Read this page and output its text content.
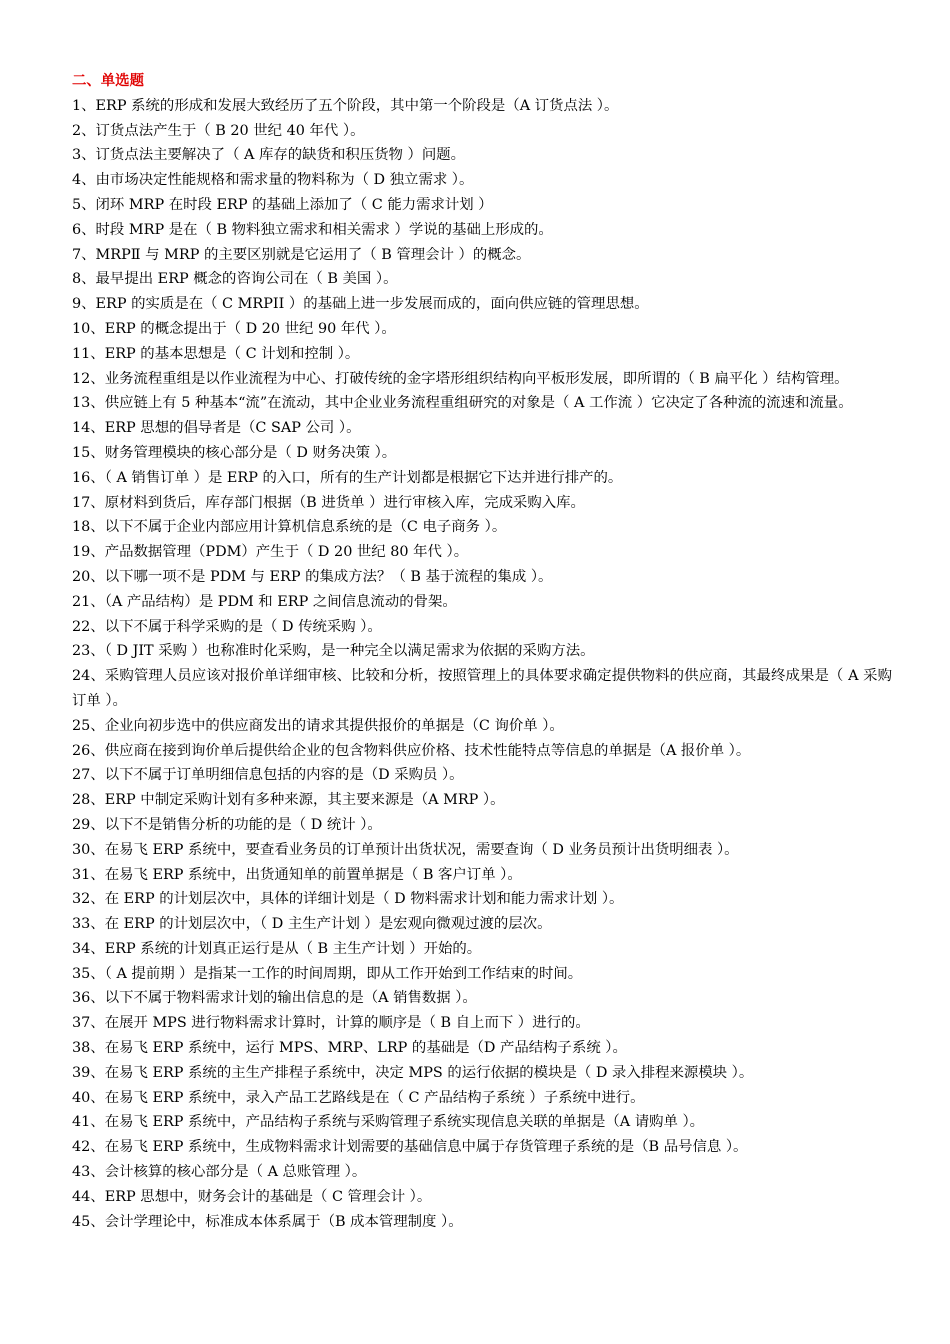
二、单选题

1、ERP 系统的形成和发展大致经历了五个阶段，其中第一个阶段是（A 订货点法 ）。

2、订货点法产生于（ B 20 世纪 40 年代 ）。

3、订货点法主要解决了（ A 库存的缺货和积压货物 ）问题。

4、由市场决定性能规格和需求量的物料称为（ D 独立需求 ）。

5、闭环 MRP 在时段 ERP 的基础上添加了（ C 能力需求计划 ）

6、时段 MRP 是在（ B 物料独立需求和相关需求 ）学说的基础上形成的。

7、MRPⅡ 与 MRP 的主要区别就是它运用了（ B 管理会计 ）的概念。

8、最早提出 ERP 概念的咨询公司在（ B 美国 ）。

9、ERP 的实质是在（ C MRPII ）的基础上进一步发展而成的，面向供应链的管理思想。

10、ERP 的概念提出于（ D 20 世纪 90 年代 ）。

11、ERP 的基本思想是（ C 计划和控制 ）。

12、业务流程重组是以作业流程为中心、打破传统的金字塔形组织结构向平板形发展，即所谓的（ B 扁平化 ）结构管理。

13、供应链上有 5 种基本“流”在流动，其中企业业务流程重组研究的对象是（ A 工作流 ）它决定了各种流的流速和流量。

14、ERP 思想的倡导者是（C SAP 公司 ）。

15、财务管理模块的核心部分是（ D 财务决策 ）。

16、（ A 销售订单 ）是 ERP 的入口，所有的生产计划都是根据它下达并进行排产的。

17、原材料到货后，库存部门根据（B 进货单 ）进行审核入库，完成采购入库。

18、以下不属于企业内部应用计算机信息系统的是（C 电子商务 ）。

19、产品数据管理（PDM）产生于（ D 20 世纪 80 年代 ）。

20、以下哪一项不是 PDM 与 ERP 的集成方法？（ B 基于流程的集成 ）。

21、（A 产品结构）是 PDM 和 ERP 之间信息流动的骨架。

22、以下不属于科学采购的是（ D 传统采购 ）。

23、（ D JIT 采购 ）也称准时化采购，是一种完全以满足需求为依据的采购方法。

24、采购管理人员应该对报价单详细审核、比较和分析，按照管理上的具体要求确定提供物料的供应商，其最终成果是（ A 采购订单 ）。

25、企业向初步选中的供应商发出的请求其提供报价的单据是（C 询价单 ）。

26、供应商在接到询价单后提供给企业的包含物料供应价格、技术性能特点等信息的单据是（A 报价单 ）。

27、以下不属于订单明细信息包括的内容的是（D 采购员 ）。

28、ERP 中制定采购计划有多种来源，其主要来源是（A MRP ）。

29、以下不是销售分析的功能的是（ D 统计 ）。

30、在易飞 ERP 系统中，要查看业务员的订单预计出货状况，需要查询（ D 业务员预计出货明细表 ）。

31、在易飞 ERP 系统中，出货通知单的前置单据是（ B 客户订单 ）。

32、在 ERP 的计划层次中，具体的详细计划是（ D 物料需求计划和能力需求计划 ）。

33、在 ERP 的计划层次中，（ D 主生产计划 ）是宏观向微观过渡的层次。

34、ERP 系统的计划真正运行是从（ B 主生产计划 ）开始的。

35、（ A 提前期 ）是指某一工作的时间周期，即从工作开始到工作结束的时间。

36、以下不属于物料需求计划的输出信息的是（A 销售数据 ）。

37、在展开 MPS 进行物料需求计算时，计算的顺序是（ B 自上而下 ）进行的。

38、在易飞 ERP 系统中，运行 MPS、MRP、LRP 的基础是（D 产品结构子系统 ）。

39、在易飞 ERP 系统的主生产排程子系统中，决定 MPS 的运行依据的模块是（ D 录入排程来源模块 ）。

40、在易飞 ERP 系统中，录入产品工艺路线是在（ C 产品结构子系统 ）子系统中进行。

41、在易飞 ERP 系统中，产品结构子系统与采购管理子系统实现信息关联的单据是（A 请购单 ）。

42、在易飞 ERP 系统中，生成物料需求计划需要的基础信息中属于存货管理子系统的是（B 品号信息 ）。

43、会计核算的核心部分是（ A 总账管理 ）。

44、ERP 思想中，财务会计的基础是（ C 管理会计 ）。

45、会计学理论中，标准成本体系属于（B 成本管理制度 ）。
